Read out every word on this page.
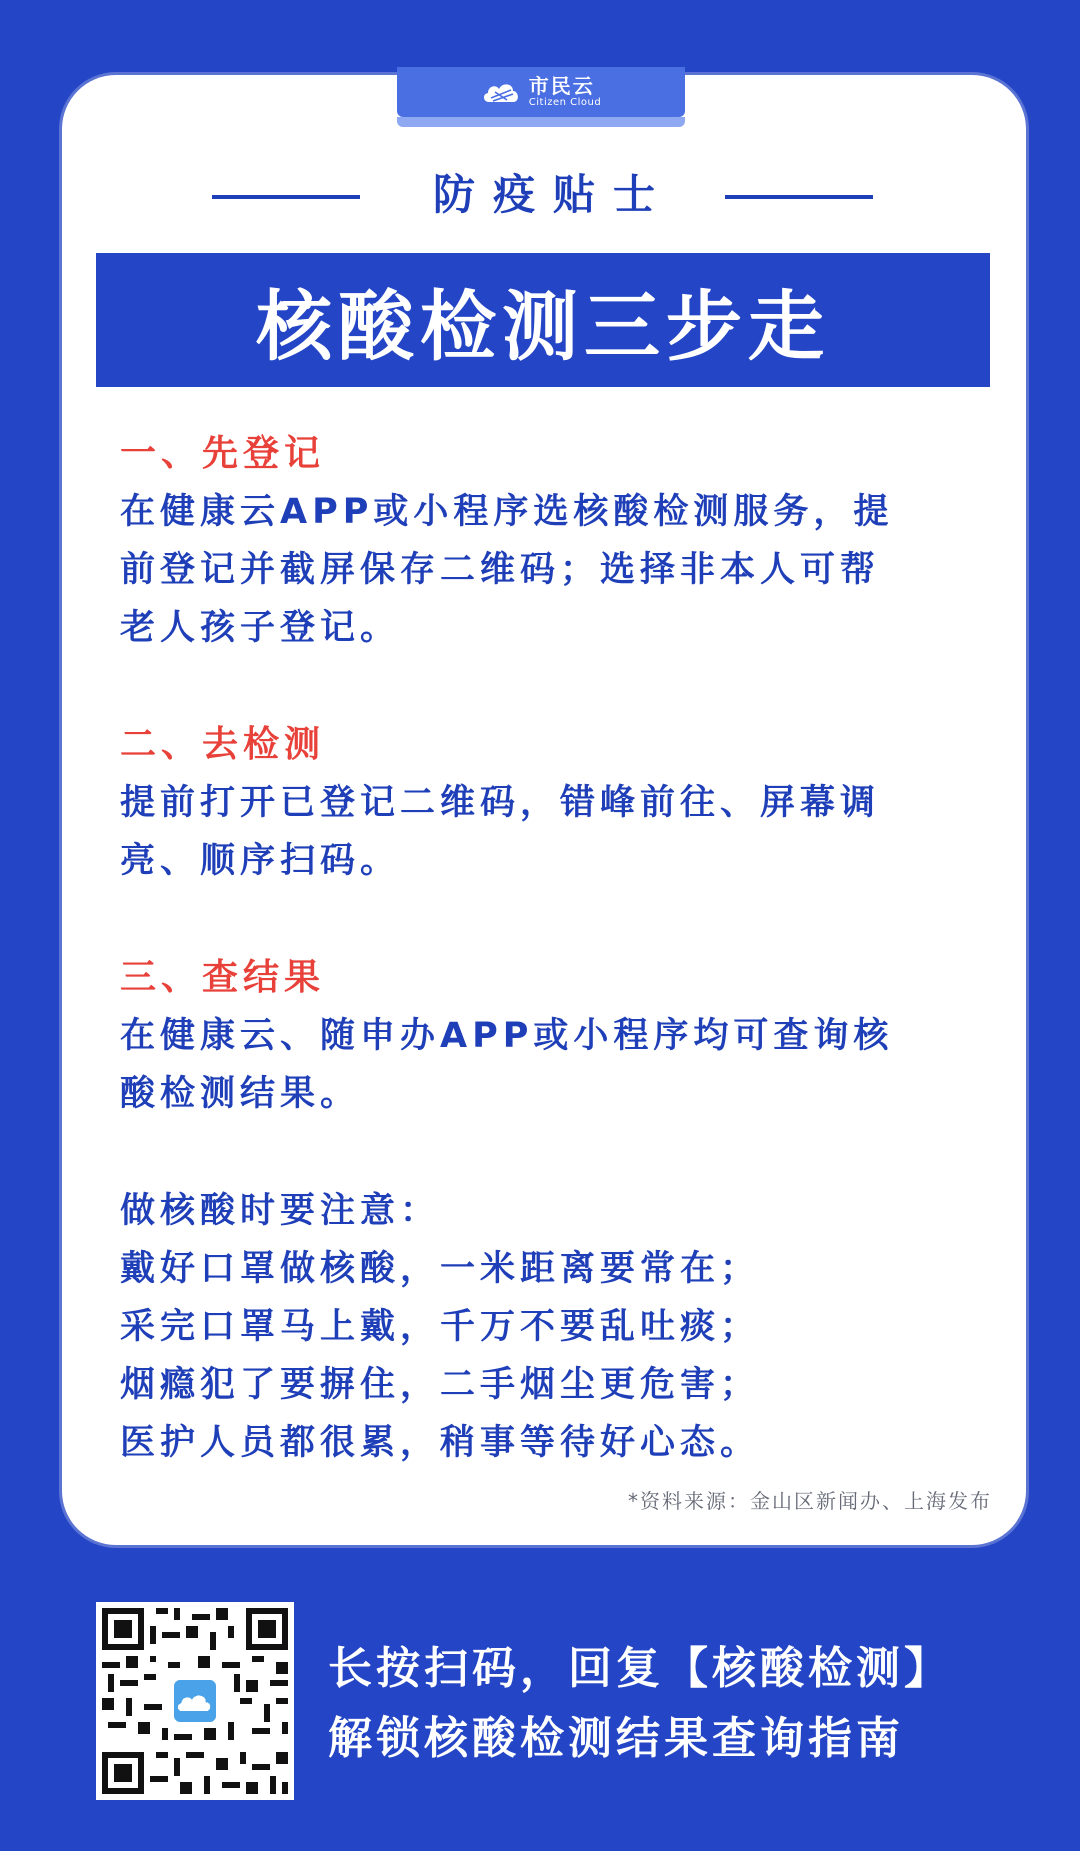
市民云
Citizen Cloud
防疫贴士
核酸检测三步走
一、先登记
在健康云APP或小程序选核酸检测服务，提
前登记并截屏保存二维码；选择非本人可帮
老人孩子登记。
二、去检测
提前打开已登记二维码，错峰前往、屏幕调
亮、顺序扫码。
三、查结果
在健康云、随申办APP或小程序均可查询核
酸检测结果。
做核酸时要注意：
戴好口罩做核酸，一米距离要常在；
采完口罩马上戴，千万不要乱吐痰；
烟瘾犯了要摒住，二手烟尘更危害；
医护人员都很累，稍事等待好心态。
*资料来源：金山区新闻办、上海发布
长按扫码，回复【核酸检测】
解锁核酸检测结果查询指南
